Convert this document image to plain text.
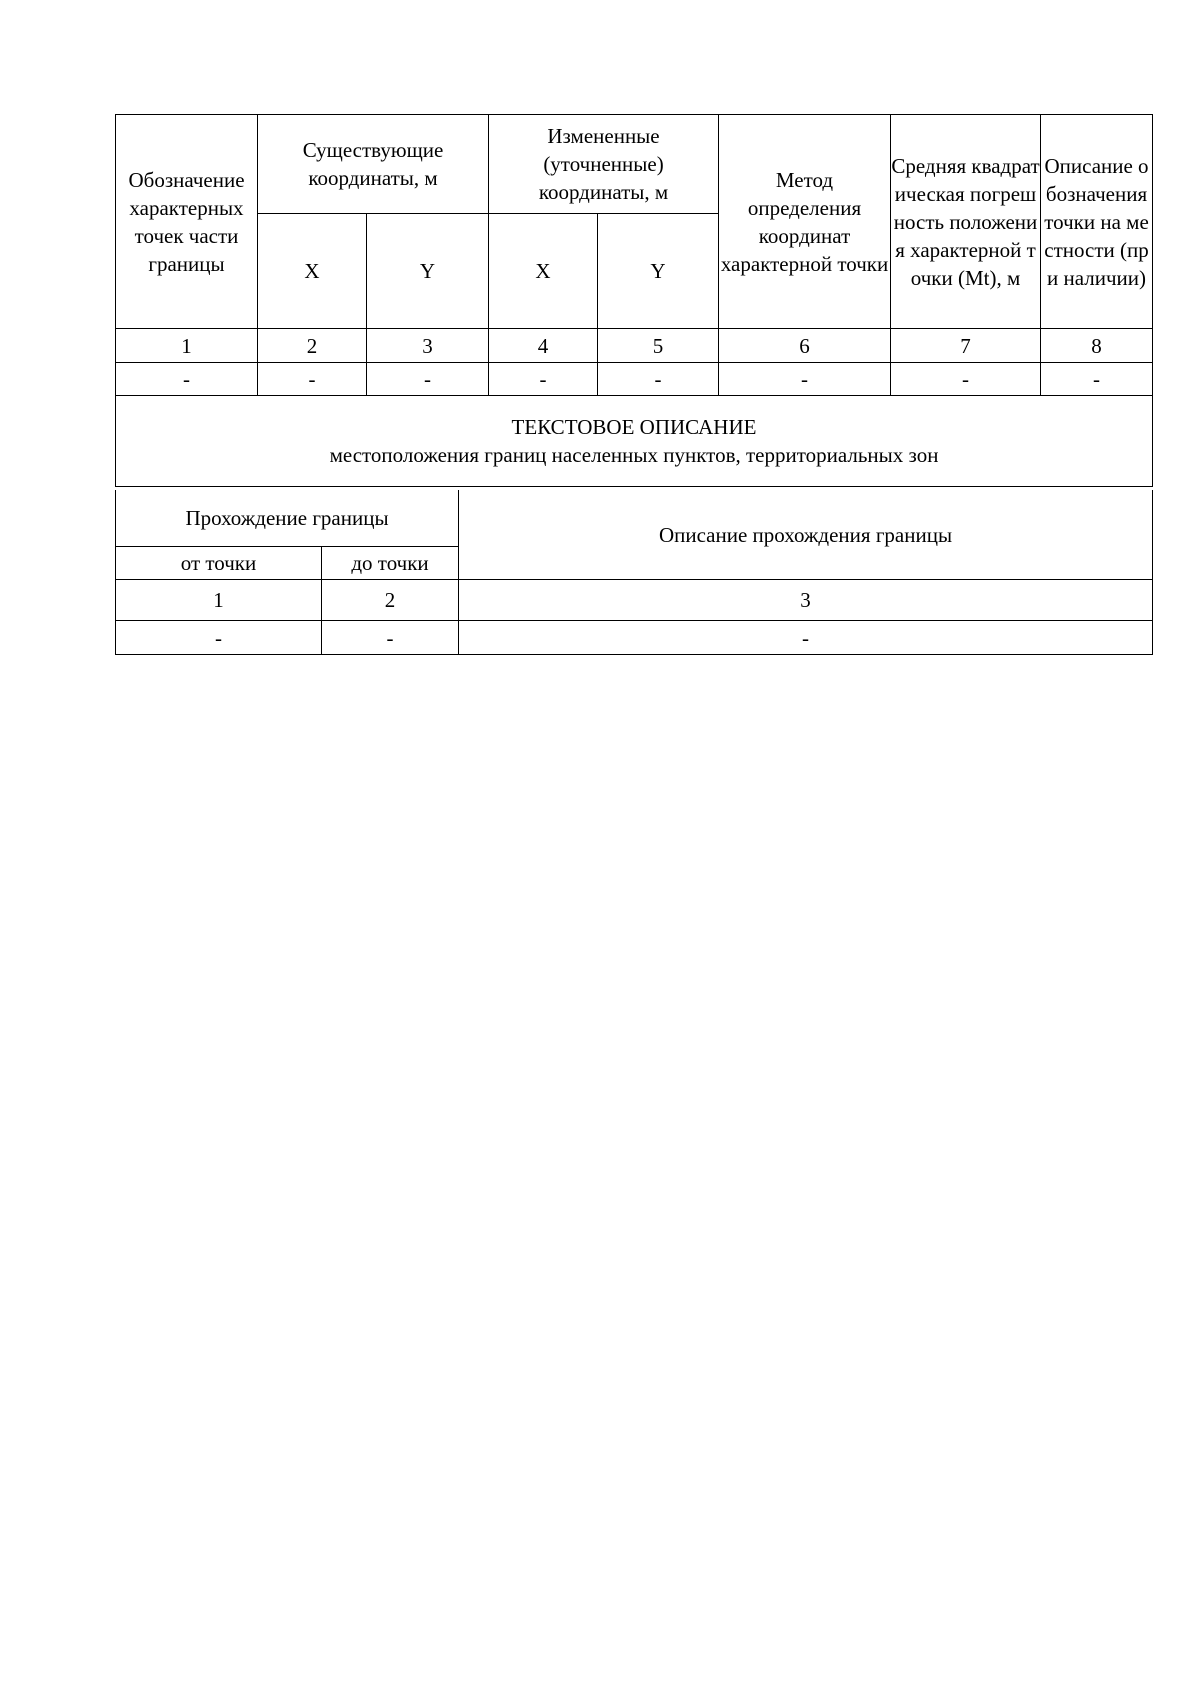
Обозначение характерных точек части границы	Существующие координаты, м		Измененные (уточненные) координаты, м		Метод определения координат характерной точки	Средняя квадратическая погрешность положения характерной точки (Mt), м	Описание обозначения точки на местности (при наличии)
	X	Y	X	Y			
1	2	3	4	5	6	7	8
-	-	-	-	-	-	-	-

ТЕКСТОВОЕ ОПИСАНИЕ
местоположения границ населенных пунктов, территориальных зон							
Прохождение границы		Описание прохождения границы
от точки	до точки	
1	2	3
-	-	-
